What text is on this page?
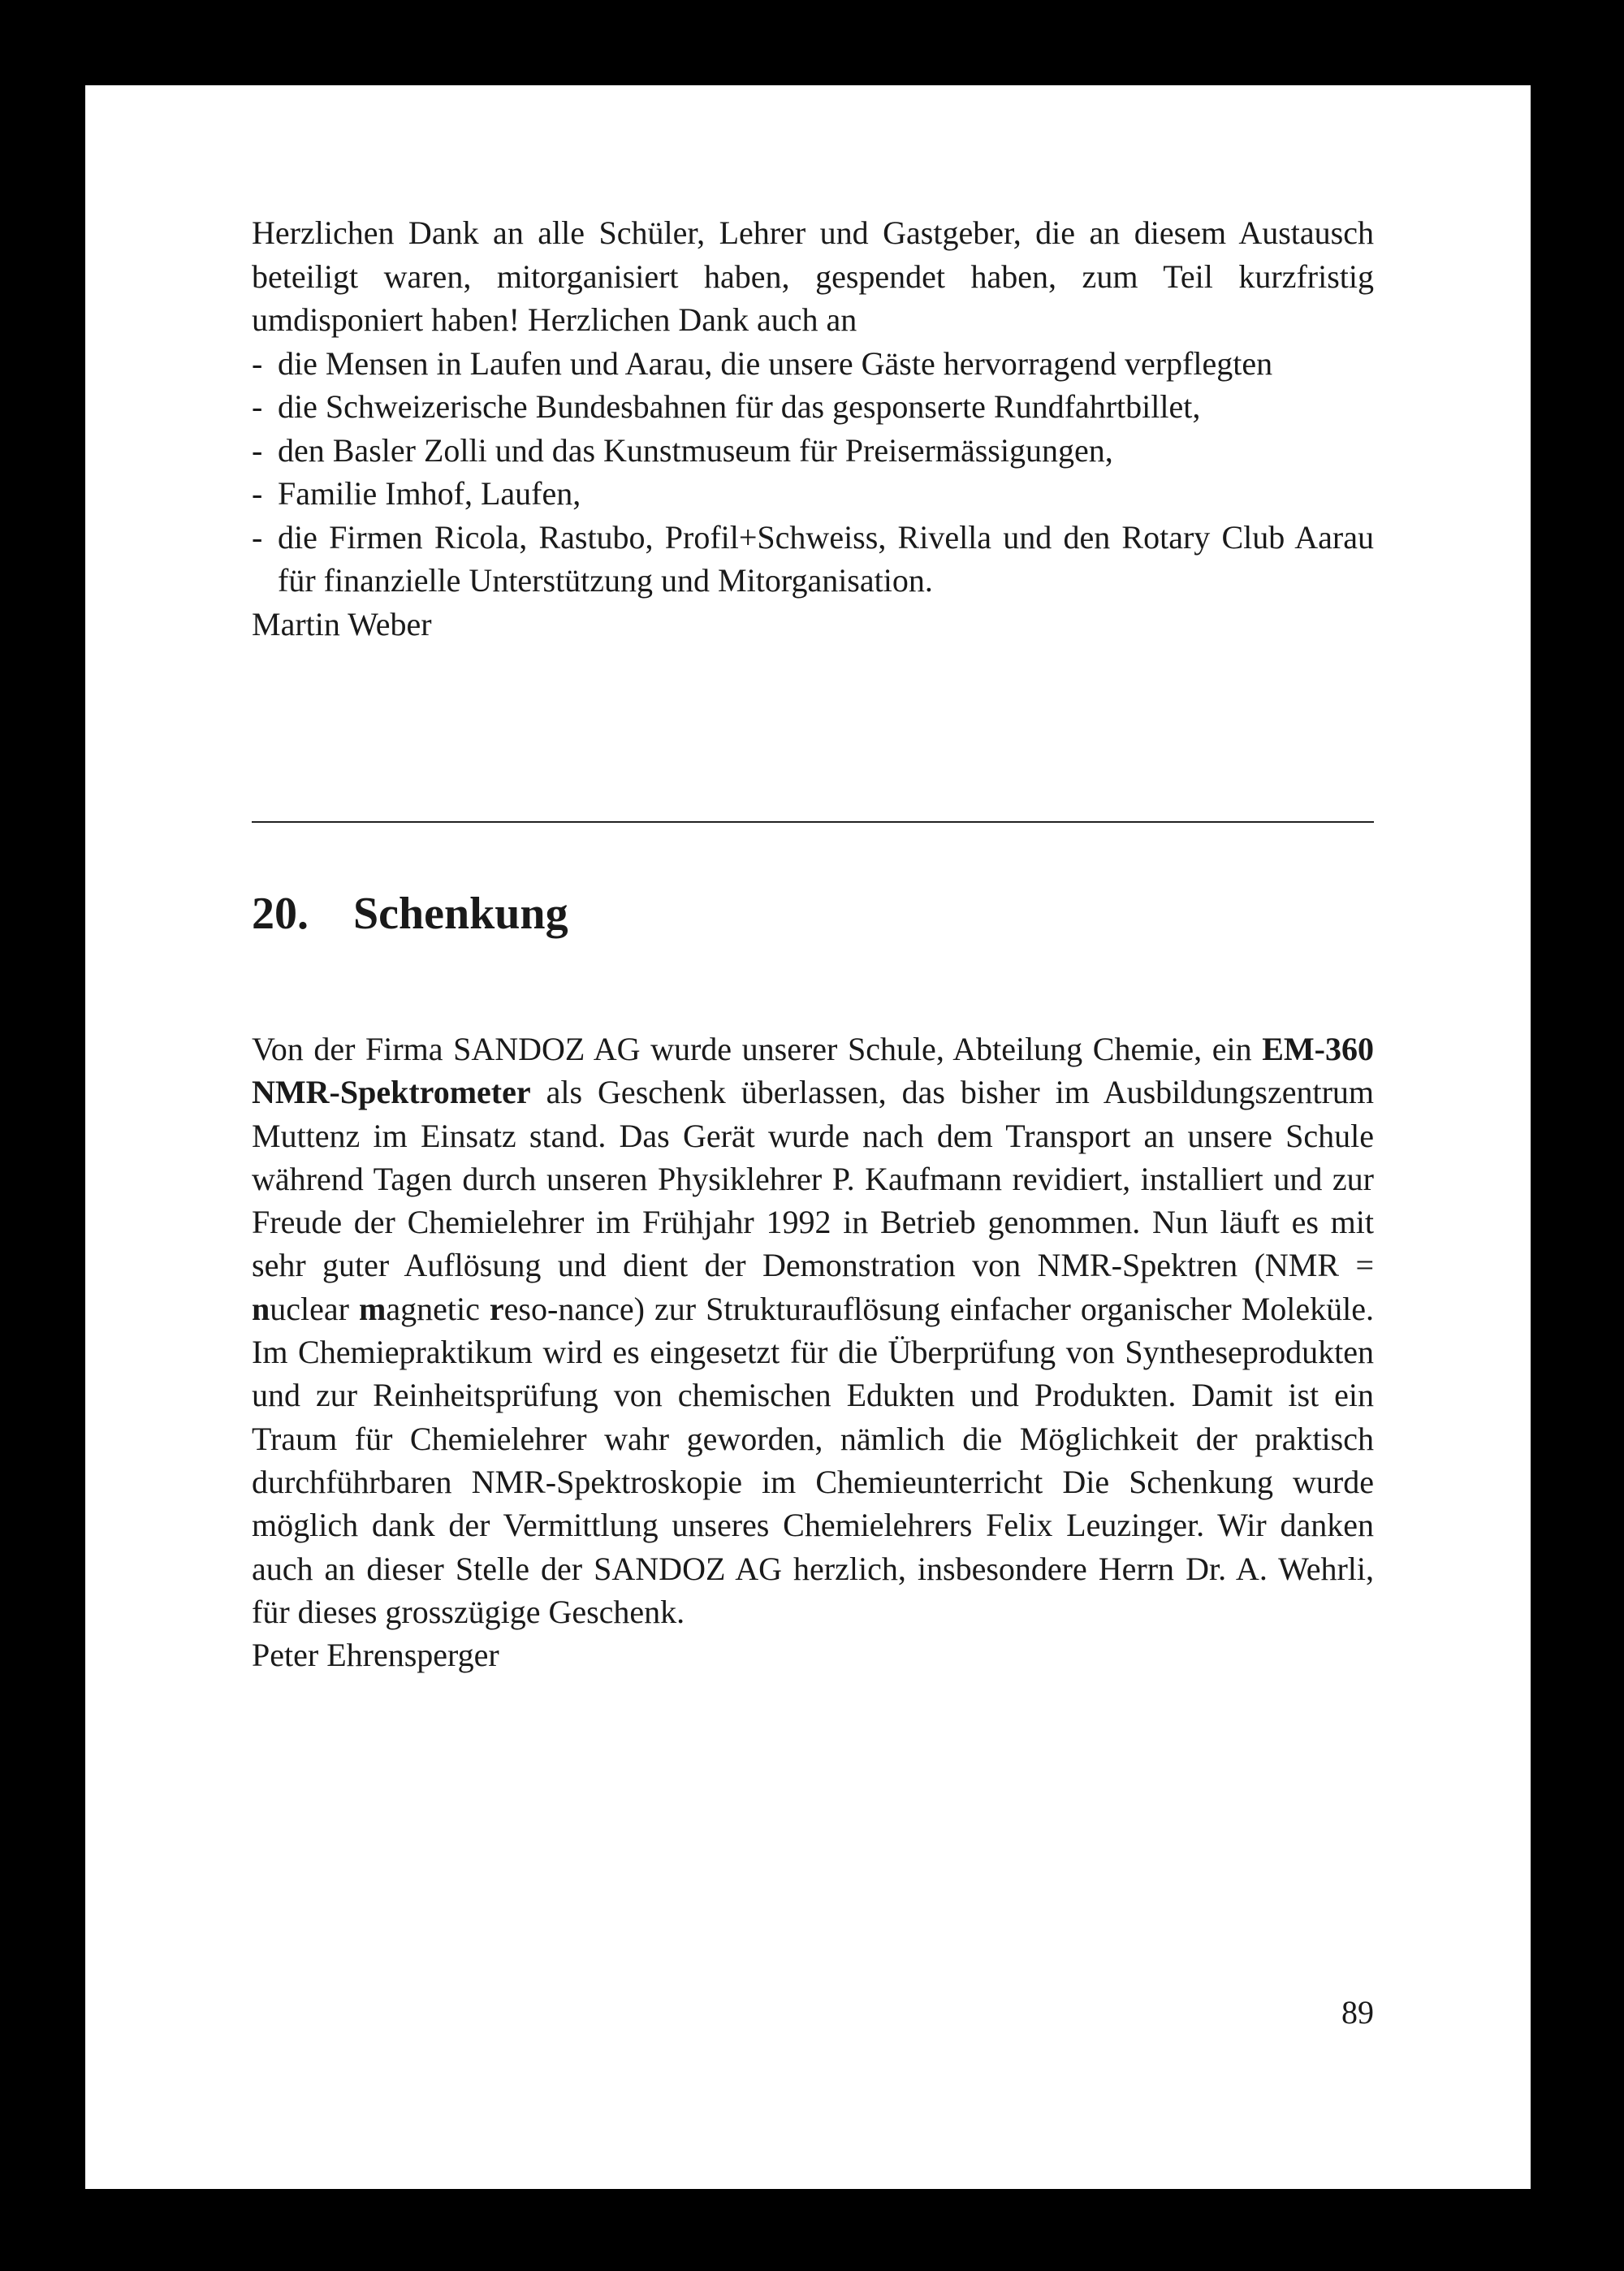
Herzlichen Dank an alle Schüler, Lehrer und Gastgeber, die an diesem Austausch beteiligt waren, mitorganisiert haben, gespendet haben, zum Teil kurzfristig umdisponiert haben! Herzlichen Dank auch an

- die Mensen in Laufen und Aarau, die unsere Gäste hervorragend verpflegten
- die Schweizerische Bundesbahnen für das gesponserte Rundfahrtbillet,
- den Basler Zolli und das Kunstmuseum für Preisermässigungen,
- Familie Imhof, Laufen,
- die Firmen Ricola, Rastubo, Profil+Schweiss, Rivella und den Rotary Club Aarau für finanzielle Unterstützung und Mitorganisation.

Martin Weber

20. Schenkung

Von der Firma SANDOZ AG wurde unserer Schule, Abteilung Chemie, ein EM-360 NMR-Spektrometer als Geschenk überlassen, das bisher im Ausbildungszentrum Muttenz im Einsatz stand. Das Gerät wurde nach dem Transport an unsere Schule während Tagen durch unseren Physiklehrer P. Kaufmann revidiert, installiert und zur Freude der Chemielehrer im Frühjahr 1992 in Betrieb genommen. Nun läuft es mit sehr guter Auflösung und dient der Demonstration von NMR-Spektren (NMR = nuclear magnetic reso-nance) zur Strukturauflösung einfacher organischer Moleküle. Im Chemiepraktikum wird es eingesetzt für die Überprüfung von Syntheseprodukten und zur Reinheitsprüfung von chemischen Edukten und Produkten. Damit ist ein Traum für Chemielehrer wahr geworden, nämlich die Möglichkeit der praktisch durchführbaren NMR-Spektroskopie im Chemieunterricht Die Schenkung wurde möglich dank der Vermittlung unseres Chemielehrers Felix Leuzinger. Wir danken auch an dieser Stelle der SANDOZ AG herzlich, insbesondere Herrn Dr. A. Wehrli, für dieses grosszügige Geschenk.

Peter Ehrensperger

89
